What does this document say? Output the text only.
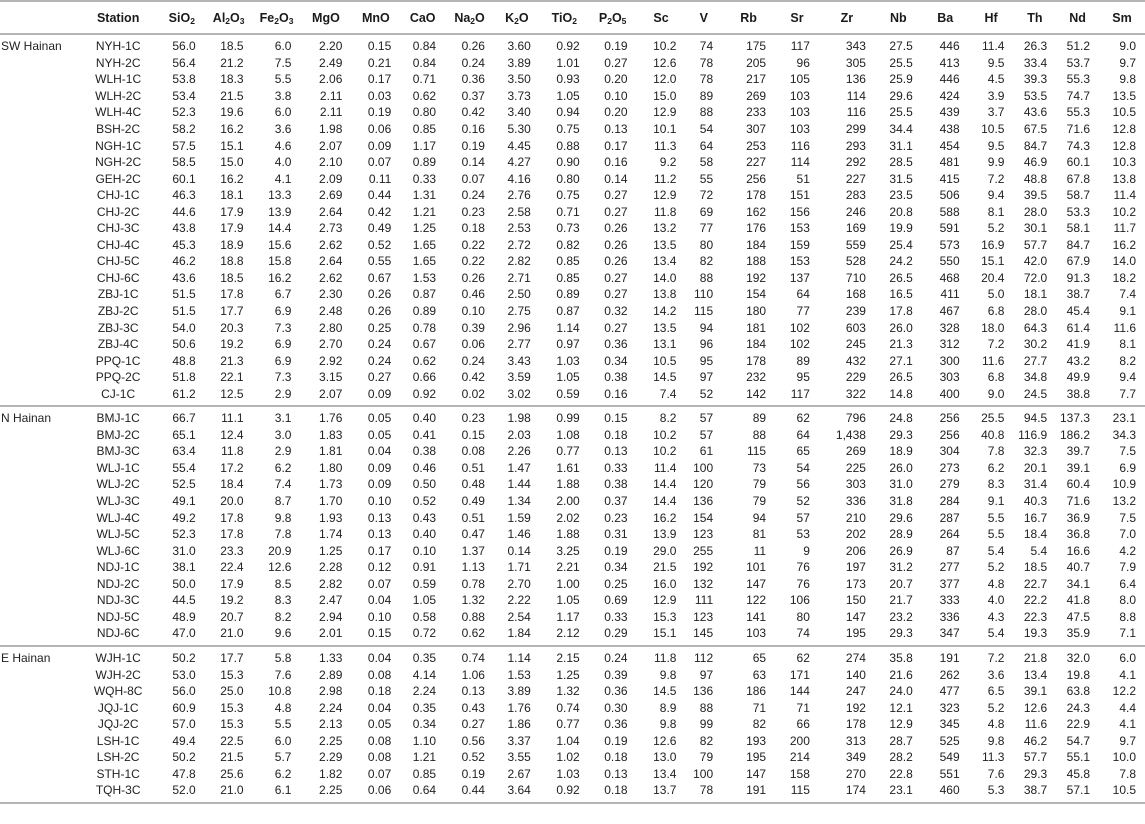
	Station	SiO$_2$	$Al_2O_3$	$Fe_2O_3$	MgO	MnO	CaO	$Na_2O$	$K_2O$	TiO$_2$	$P_2O_5$	Sc	V	Rb	Sr	Zr	Nb	Ba	Hf	Th	Nd	Sm
SW Hainan	NYH-1C	56.0	18.5	6.0	2.20	0.15	0.84	0.26	3.60	0.92	0.19	10.2	74	175	117	343	27.5	446	11.4	26.3	51.2	9.0
	NYH-2C	56.4	21.2	7.5	2.49	0.21	0.84	0.24	3.89	1.01	0.27	12.6	78	205	96	305	25.5	413	9.5	33.4	53.7	9.7
	WLH-1C	53.8	18.3	5.5	2.06	0.17	0.71	0.36	3.50	0.93	0.20	12.0	78	217	105	136	25.9	446	4.5	39.3	55.3	9.8
	WLH-2C	53.4	21.5	3.8	2.11	0.03	0.62	0.37	3.73	1.05	0.10	15.0	89	269	103	114	29.6	424	3.9	53.5	74.7	13.5
	WLH-4C	52.3	19.6	6.0	2.11	0.19	0.80	0.42	3.40	0.94	0.20	12.9	88	233	103	116	25.5	439	3.7	43.6	55.3	10.5
	BSH-2C	58.2	16.2	3.6	1.98	0.06	0.85	0.16	5.30	0.75	0.13	10.1	54	307	103	299	34.4	438	10.5	67.5	71.6	12.8
	NGH-1C	57.5	15.1	4.6	2.07	0.09	1.17	0.19	4.45	0.88	0.17	11.3	64	253	116	293	31.1	454	9.5	84.7	74.3	12.8
	NGH-2C	58.5	15.0	4.0	2.10	0.07	0.89	0.14	4.27	0.90	0.16	9.2	58	227	114	292	28.5	481	9.9	46.9	60.1	10.3
	GEH-2C	60.1	16.2	4.1	2.09	0.11	0.33	0.07	4.16	0.80	0.14	11.2	55	256	51	227	31.5	415	7.2	48.8	67.8	13.8
	CHJ-1C	46.3	18.1	13.3	2.69	0.44	1.31	0.24	2.76	0.75	0.27	12.9	72	178	151	283	23.5	506	9.4	39.5	58.7	11.4
	CHJ-2C	44.6	17.9	13.9	2.64	0.42	1.21	0.23	2.58	0.71	0.27	11.8	69	162	156	246	20.8	588	8.1	28.0	53.3	10.2
	CHJ-3C	43.8	17.9	14.4	2.73	0.49	1.25	0.18	2.53	0.73	0.26	13.2	77	176	153	169	19.9	591	5.2	30.1	58.1	11.7
	CHJ-4C	45.3	18.9	15.6	2.62	0.52	1.65	0.22	2.72	0.82	0.26	13.5	80	184	159	559	25.4	573	16.9	57.7	84.7	16.2
	CHJ-5C	46.2	18.8	15.8	2.64	0.55	1.65	0.22	2.82	0.85	0.26	13.4	82	188	153	528	24.2	550	15.1	42.0	67.9	14.0
	CHJ-6C	43.6	18.5	16.2	2.62	0.67	1.53	0.26	2.71	0.85	0.27	14.0	88	192	137	710	26.5	468	20.4	72.0	91.3	18.2
	ZBJ-1C	51.5	17.8	6.7	2.30	0.26	0.87	0.46	2.50	0.89	0.27	13.8	110	154	64	168	16.5	411	5.0	18.1	38.7	7.4
	ZBJ-2C	51.5	17.7	6.9	2.48	0.26	0.89	0.10	2.75	0.87	0.32	14.2	115	180	77	239	17.8	467	6.8	28.0	45.4	9.1
	ZBJ-3C	54.0	20.3	7.3	2.80	0.25	0.78	0.39	2.96	1.14	0.27	13.5	94	181	102	603	26.0	328	18.0	64.3	61.4	11.6
	ZBJ-4C	50.6	19.2	6.9	2.70	0.24	0.67	0.06	2.77	0.97	0.36	13.1	96	184	102	245	21.3	312	7.2	30.2	41.9	8.1
	PPQ-1C	48.8	21.3	6.9	2.92	0.24	0.62	0.24	3.43	1.03	0.34	10.5	95	178	89	432	27.1	300	11.6	27.7	43.2	8.2
	PPQ-2C	51.8	22.1	7.3	3.15	0.27	0.66	0.42	3.59	1.05	0.38	14.5	97	232	95	229	26.5	303	6.8	34.8	49.9	9.4
	CJ-1C	61.2	12.5	2.9	2.07	0.09	0.92	0.02	3.02	0.59	0.16	7.4	52	142	117	322	14.8	400	9.0	24.5	38.8	7.7
N Hainan	BMJ-1C	66.7	11.1	3.1	1.76	0.05	0.40	0.23	1.98	0.99	0.15	8.2	57	89	62	796	24.8	256	25.5	94.5	137.3	23.1
	BMJ-2C	65.1	12.4	3.0	1.83	0.05	0.41	0.15	2.03	1.08	0.18	10.2	57	88	64	1,438	29.3	256	40.8	116.9	186.2	34.3
	BMJ-3C	63.4	11.8	2.9	1.81	0.04	0.38	0.08	2.26	0.77	0.13	10.2	61	115	65	269	18.9	304	7.8	32.3	39.7	7.5
	WLJ-1C	55.4	17.2	6.2	1.80	0.09	0.46	0.51	1.47	1.61	0.33	11.4	100	73	54	225	26.0	273	6.2	20.1	39.1	6.9
	WLJ-2C	52.5	18.4	7.4	1.73	0.09	0.50	0.48	1.44	1.88	0.38	14.4	120	79	56	303	31.0	279	8.3	31.4	60.4	10.9
	WLJ-3C	49.1	20.0	8.7	1.70	0.10	0.52	0.49	1.34	2.00	0.37	14.4	136	79	52	336	31.8	284	9.1	40.3	71.6	13.2
	WLJ-4C	49.2	17.8	9.8	1.93	0.13	0.43	0.51	1.59	2.02	0.23	16.2	154	94	57	210	29.6	287	5.5	16.7	36.9	7.5
	WLJ-5C	52.3	17.8	7.8	1.74	0.13	0.40	0.47	1.46	1.88	0.31	13.9	123	81	53	202	28.9	264	5.5	18.4	36.8	7.0
	WLJ-6C	31.0	23.3	20.9	1.25	0.17	0.10	1.37	0.14	3.25	0.19	29.0	255	11	9	206	26.9	87	5.4	5.4	16.6	4.2
	NDJ-1C	38.1	22.4	12.6	2.28	0.12	0.91	1.13	1.71	2.21	0.34	21.5	192	101	76	197	31.2	277	5.2	18.5	40.7	7.9
	NDJ-2C	50.0	17.9	8.5	2.82	0.07	0.59	0.78	2.70	1.00	0.25	16.0	132	147	76	173	20.7	377	4.8	22.7	34.1	6.4
	NDJ-3C	44.5	19.2	8.3	2.47	0.04	1.05	1.32	2.22	1.05	0.69	12.9	111	122	106	150	21.7	333	4.0	22.2	41.8	8.0
	NDJ-5C	48.9	20.7	8.2	2.94	0.10	0.58	0.88	2.54	1.17	0.33	15.3	123	141	80	147	23.2	336	4.3	22.3	47.5	8.8
	NDJ-6C	47.0	21.0	9.6	2.01	0.15	0.72	0.62	1.84	2.12	0.29	15.1	145	103	74	195	29.3	347	5.4	19.3	35.9	7.1
E Hainan	WJH-1C	50.2	17.7	5.8	1.33	0.04	0.35	0.74	1.14	2.15	0.24	11.8	112	65	62	274	35.8	191	7.2	21.8	32.0	6.0
	WJH-2C	53.0	15.3	7.6	2.89	0.08	4.14	1.06	1.53	1.25	0.39	9.8	97	63	171	140	21.6	262	3.6	13.4	19.8	4.1
	WQH-8C	56.0	25.0	10.8	2.98	0.18	2.24	0.13	3.89	1.32	0.36	14.5	136	186	144	247	24.0	477	6.5	39.1	63.8	12.2
	JQJ-1C	60.9	15.3	4.8	2.24	0.04	0.35	0.43	1.76	0.74	0.30	8.9	88	71	71	192	12.1	323	5.2	12.6	24.3	4.4
	JQJ-2C	57.0	15.3	5.5	2.13	0.05	0.34	0.27	1.86	0.77	0.36	9.8	99	82	66	178	12.9	345	4.8	11.6	22.9	4.1
	LSH-1C	49.4	22.5	6.0	2.25	0.08	1.10	0.56	3.37	1.04	0.19	12.6	82	193	200	313	28.7	525	9.8	46.2	54.7	9.7
	LSH-2C	50.2	21.5	5.7	2.29	0.08	1.21	0.52	3.55	1.02	0.18	13.0	79	195	214	349	28.2	549	11.3	57.7	55.1	10.0
	STH-1C	47.8	25.6	6.2	1.82	0.07	0.85	0.19	2.67	1.03	0.13	13.4	100	147	158	270	22.8	551	7.6	29.3	45.8	7.8
	TQH-3C	52.0	21.0	6.1	2.25	0.06	0.64	0.44	3.64	0.92	0.18	13.7	78	191	115	174	23.1	460	5.3	38.7	57.1	10.5
